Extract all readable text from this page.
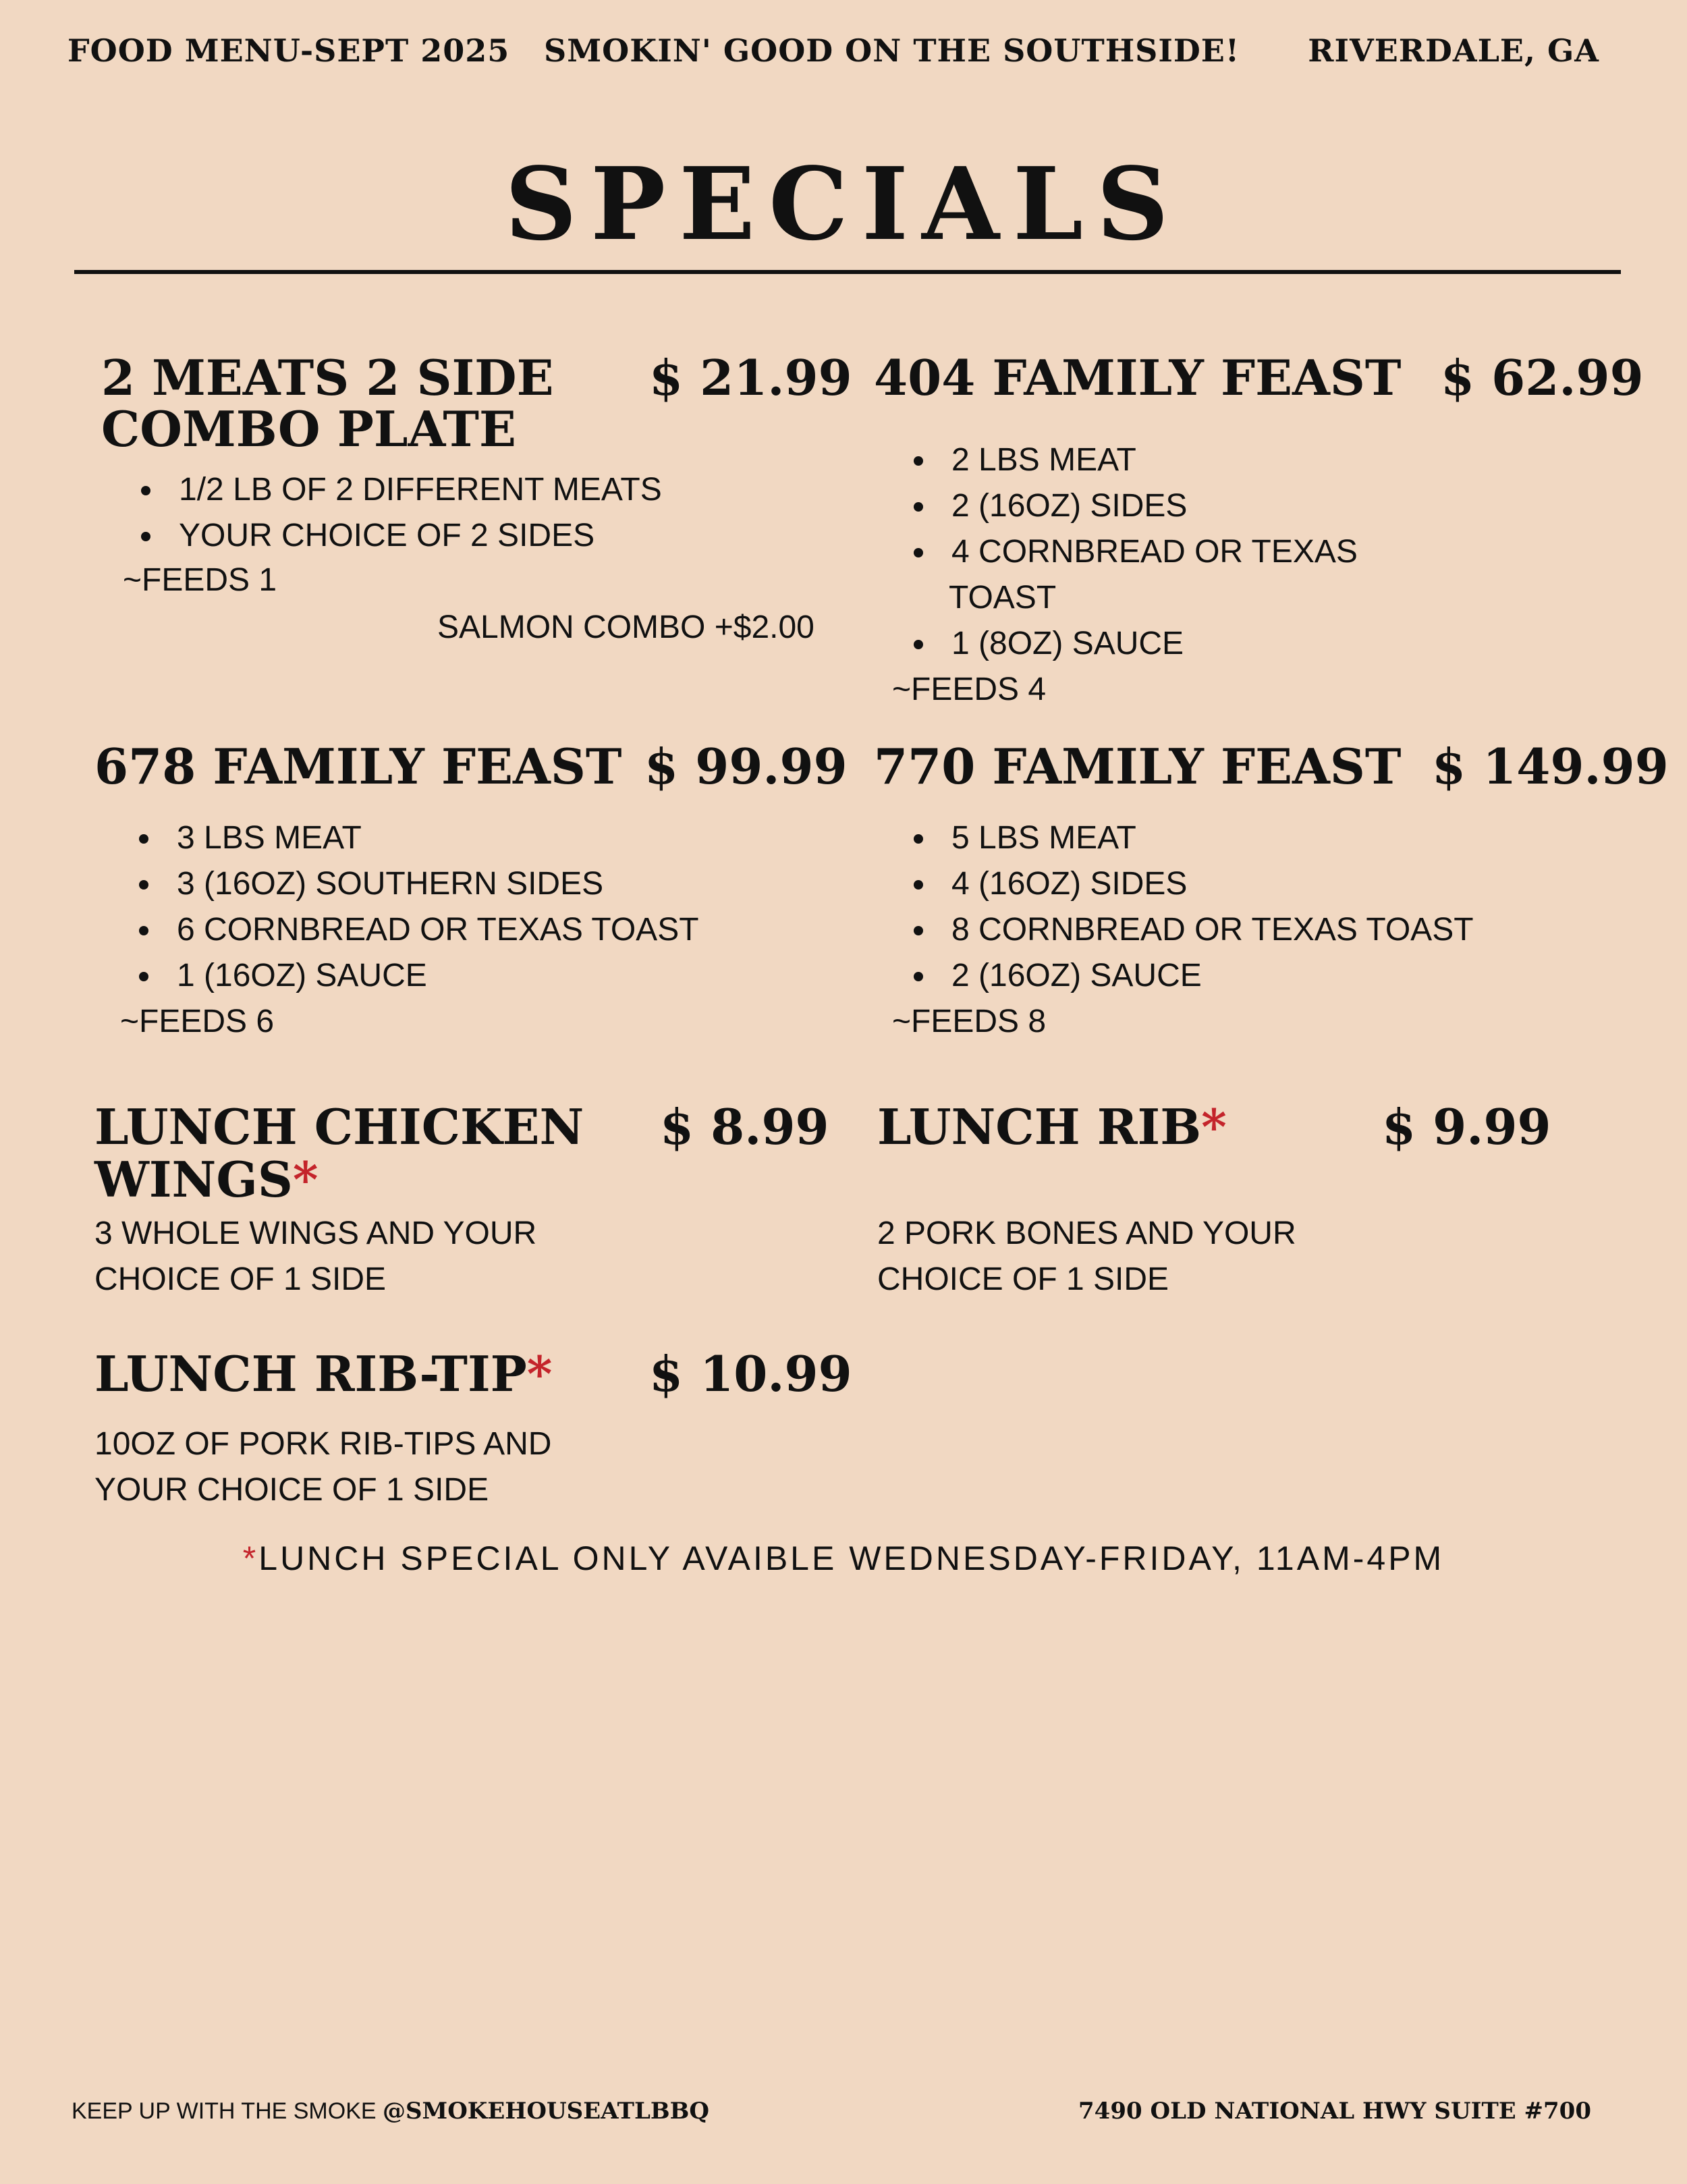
FOOD MENU-SEPT 2025 SMOKIN' GOOD ON THE SOUTHSIDE! RIVERDALE, GA
SPECIALS
2 MEATS 2 SIDE
COMBO PLATE
$ 21.99
1/2 LB OF 2 DIFFERENT MEATS
YOUR CHOICE OF 2 SIDES
~FEEDS 1
SALMON COMBO +$2.00
404 FAMILY FEAST $ 62.99
2 LBS MEAT
2 (16OZ) SIDES
4 CORNBREAD OR TEXAS
TOAST
1 (8OZ) SAUCE
~FEEDS 4
678 FAMILY FEAST $ 99.99
3 LBS MEAT
3 (16OZ) SOUTHERN SIDES
6 CORNBREAD OR TEXAS TOAST
1 (16OZ) SAUCE
~FEEDS 6
770 FAMILY FEAST $ 149.99
5 LBS MEAT
4 (16OZ) SIDES
8 CORNBREAD OR TEXAS TOAST
2 (16OZ) SAUCE
~FEEDS 8
LUNCH CHICKEN
WINGS*
$ 8.99
3 WHOLE WINGS AND YOUR
CHOICE OF 1 SIDE
LUNCH RIB*	$ 9.99
2 PORK BONES AND YOUR
CHOICE OF 1 SIDE
LUNCH RIB-TIP* $ 10.99
10OZ OF PORK RIB-TIPS AND
YOUR CHOICE OF 1 SIDE
*LUNCH SPECIAL ONLY AVAIBLE WEDNESDAY-FRIDAY, 11AM-4PM
KEEP UP WITH THE SMOKE @SMOKEHOUSEATLBBQ	7490 OLD NATIONAL HWY SUITE #700
